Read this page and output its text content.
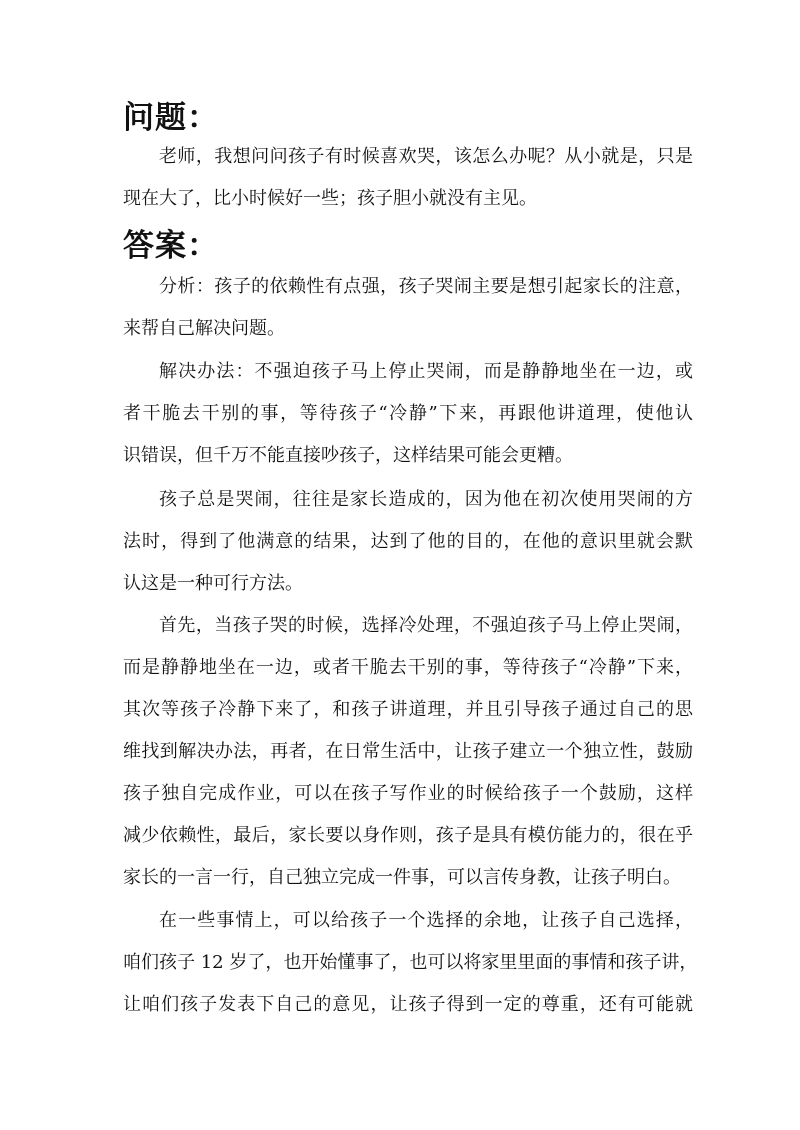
问题：

老师，我想问问孩子有时候喜欢哭，该怎么办呢？从小就是，只是
现在大了，比小时候好一些；孩子胆小就没有主见。

答案：

分析：孩子的依赖性有点强，孩子哭闹主要是想引起家长的注意，
来帮自己解决问题。

解决办法：不强迫孩子马上停止哭闹，而是静静地坐在一边，或
者干脆去干别的事，等待孩子“冷静”下来，再跟他讲道理，使他认
识错误，但千万不能直接吵孩子，这样结果可能会更糟。

孩子总是哭闹，往往是家长造成的，因为他在初次使用哭闹的方
法时，得到了他满意的结果，达到了他的目的，在他的意识里就会默
认这是一种可行方法。

首先，当孩子哭的时候，选择冷处理，不强迫孩子马上停止哭闹，
而是静静地坐在一边，或者干脆去干别的事，等待孩子“冷静”下来，
其次等孩子冷静下来了，和孩子讲道理，并且引导孩子通过自己的思
维找到解决办法，再者，在日常生活中，让孩子建立一个独立性，鼓励
孩子独自完成作业，可以在孩子写作业的时候给孩子一个鼓励，这样
减少依赖性，最后，家长要以身作则，孩子是具有模仿能力的，很在乎
家长的一言一行，自己独立完成一件事，可以言传身教，让孩子明白。

在一些事情上，可以给孩子一个选择的余地，让孩子自己选择，
咱们孩子 12 岁了，也开始懂事了，也可以将家里里面的事情和孩子讲，
让咱们孩子发表下自己的意见，让孩子得到一定的尊重，还有可能就
